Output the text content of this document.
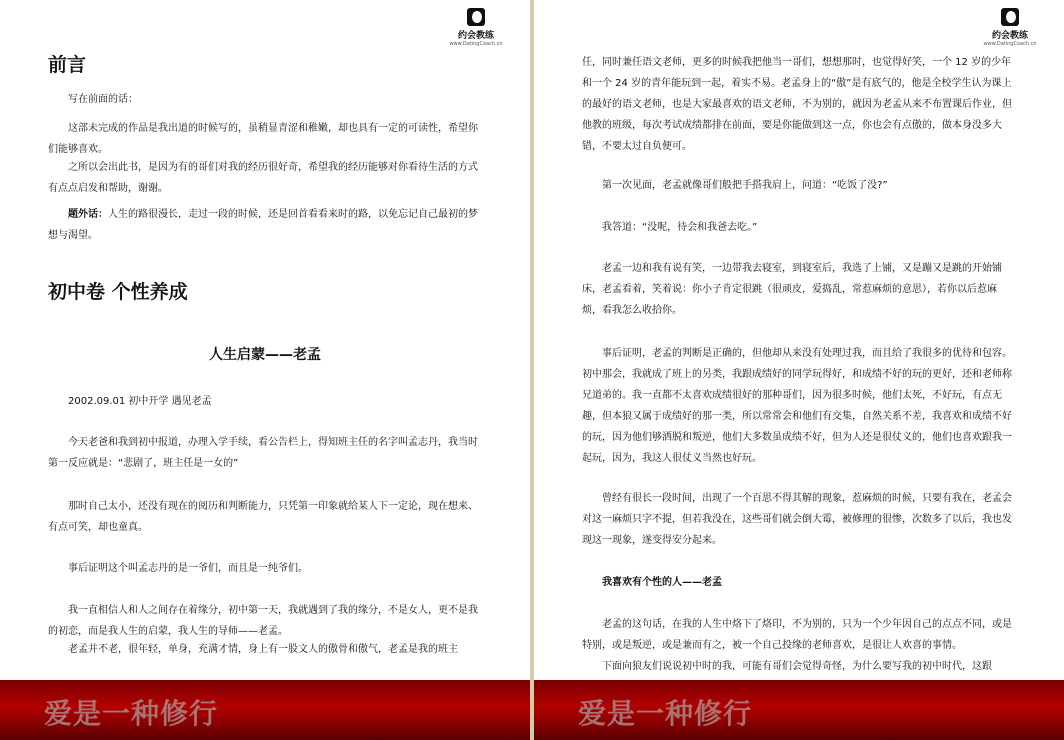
约会教练
www.DatingCoach.cn

前言

写在前面的话：

这部未完成的作品是我出道的时候写的，虽稍显青涩和稚嫩，却也具有一定的可读性，希望你们能够喜欢。

之所以会出此书，是因为有的哥们对我的经历很好奇，希望我的经历能够对你看待生活的方式有点点启发和帮助，谢谢。

题外话：人生的路很漫长，走过一段的时候，还是回首看看来时的路，以免忘记自己最初的梦想与渴望。

初中卷 个性养成

人生启蒙——老孟

2002.09.01 初中开学 遇见老孟

今天老爸和我到初中报道，办理入学手续，看公告栏上，得知班主任的名字叫孟志丹，我当时第一反应就是：“悲剧了，班主任是一女的”

那时自己太小，还没有现在的阅历和判断能力，只凭第一印象就给某人下一定论，现在想来、有点可笑，却也童真。

事后证明这个叫孟志丹的是一爷们，而且是一纯爷们。

我一直相信人和人之间存在着缘分，初中第一天，我就遇到了我的缘分，不是女人，更不是我的初恋，而是我人生的启蒙，我人生的导师——老孟。

老孟并不老，很年轻，单身，充满才情，身上有一股文人的傲骨和傲气，老孟是我的班主

爱是一种修行
约会教练
www.DatingCoach.cn

任，同时兼任语文老师，更多的时候我把他当一哥们，想想那时，也觉得好笑，一个 12 岁的少年和一个 24 岁的青年能玩到一起，着实不易。老孟身上的“傲”是有底气的，他是全校学生认为课上的最好的语文老师，也是大家最喜欢的语文老师，不为别的，就因为老孟从来不布置课后作业，但他教的班级，每次考试成绩都排在前面，要是你能做到这一点，你也会有点傲的，做本身没多大错，不要太过自负便可。

第一次见面，老孟就像哥们般把手搭我肩上，问道：“吃饭了没?”

我答道：“没呢，待会和我爸去吃。”

老孟一边和我有说有笑，一边带我去寝室，到寝室后，我选了上铺，又是蹦又是跳的开始铺床，老孟看着，笑着说：你小子肯定很跳（很顽皮，爱捣乱，常惹麻烦的意思），若你以后惹麻烦，看我怎么收拾你。

事后证明，老孟的判断是正确的，但他却从来没有处理过我，而且给了我很多的优待和包容。初中那会，我就成了班上的另类，我跟成绩好的同学玩得好，和成绩不好的玩的更好，还和老师称兄道弟的。我一直都不太喜欢成绩很好的那种哥们，因为很多时候，他们太死，不好玩，有点无趣，但本狼又属于成绩好的那一类，所以常常会和他们有交集，自然关系不差，我喜欢和成绩不好的玩，因为他们够洒脱和叛逆，他们大多数虽成绩不好，但为人还是很仗义的，他们也喜欢跟我一起玩，因为，我这人很仗义当然也好玩。

曾经有很长一段时间，出现了一个百思不得其解的现象，惹麻烦的时候，只要有我在，老孟会对这一麻烦只字不提，但若我没在，这些哥们就会倒大霉，被修理的很惨，次数多了以后，我也发现这一现象，遂变得安分起来。

我喜欢有个性的人——老孟

老孟的这句话，在我的人生中烙下了烙印，不为别的，只为一个少年因自己的点点不同，或是特别，或是叛逆，或是兼而有之，被一个自己投缘的老师喜欢，是很让人欢喜的事情。

下面向狼友们说说初中时的我，可能有哥们会觉得奇怪，为什么要写我的初中时代，这跟

爱是一种修行
